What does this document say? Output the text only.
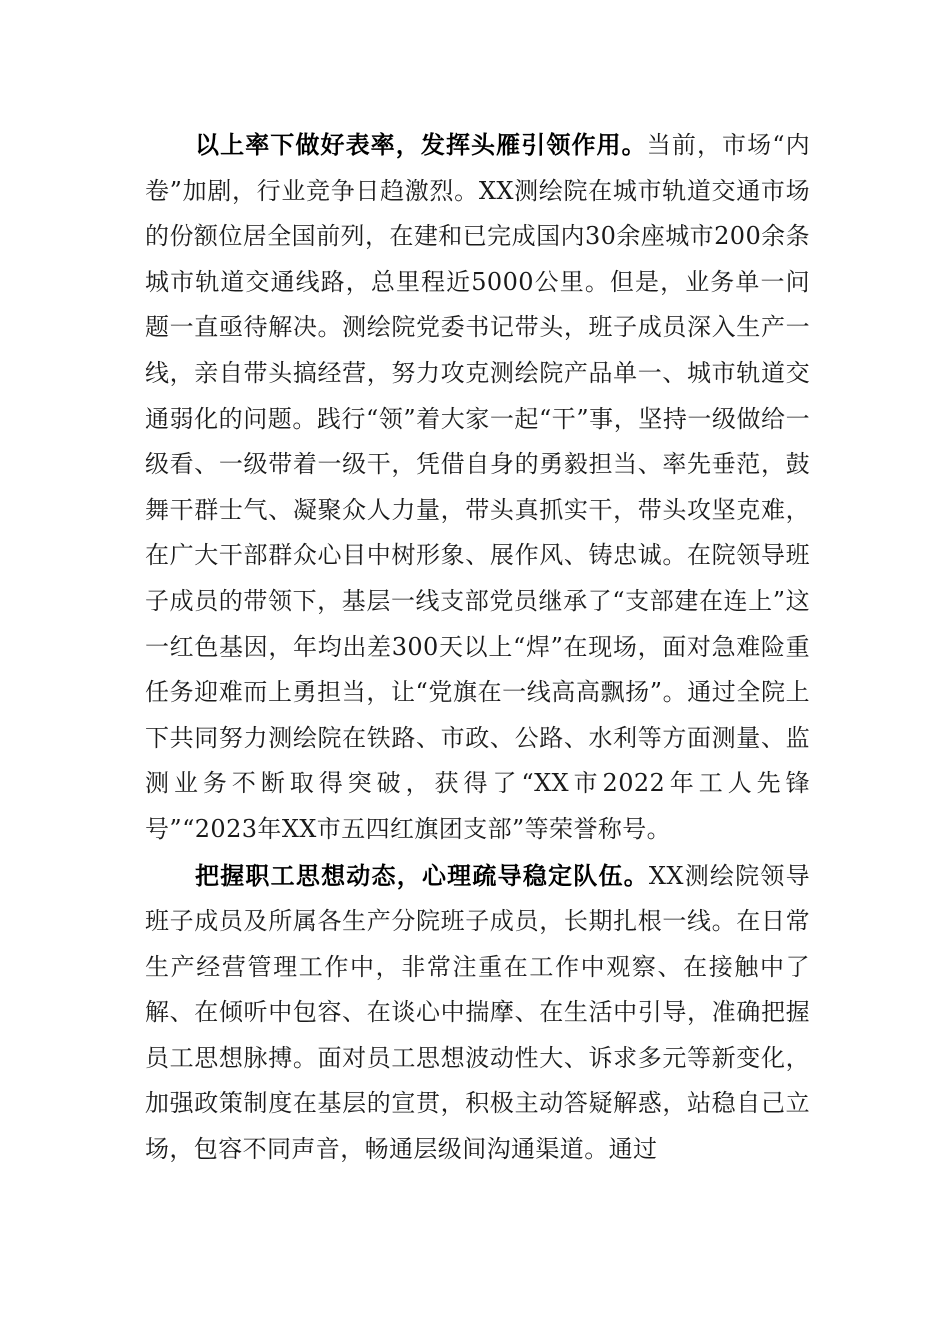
以上率下做好表率，发挥头雁引领作用。当前，市场“内卷”加剧，行业竞争日趋激烈。XX测绘院在城市轨道交通市场的份额位居全国前列，在建和已完成国内30余座城市200余条城市轨道交通线路，总里程近5000公里。但是，业务单一问题一直亟待解决。测绘院党委书记带头，班子成员深入生产一线，亲自带头搞经营，努力攻克测绘院产品单一、城市轨道交通弱化的问题。践行“领”着大家一起“干”事，坚持一级做给一级看、一级带着一级干，凭借自身的勇毅担当、率先垂范，鼓舞干群士气、凝聚众人力量，带头真抓实干，带头攻坚克难，在广大干部群众心目中树形象、展作风、铸忠诚。在院领导班子成员的带领下，基层一线支部党员继承了“支部建在连上”这一红色基因，年均出差300天以上“焊”在现场，面对急难险重任务迎难而上勇担当，让“党旗在一线高高飘扬”。通过全院上下共同努力测绘院在铁路、市政、公路、水利等方面测量、监测业务不断取得突破，获得了“XX市2022年工人先锋号”“2023年XX市五四红旗团支部”等荣誉称号。

把握职工思想动态，心理疏导稳定队伍。XX测绘院领导班子成员及所属各生产分院班子成员，长期扎根一线。在日常生产经营管理工作中，非常注重在工作中观察、在接触中了解、在倾听中包容、在谈心中揣摩、在生活中引导，准确把握员工思想脉搏。面对员工思想波动性大、诉求多元等新变化，加强政策制度在基层的宣贯，积极主动答疑解惑，站稳自己立场，包容不同声音，畅通层级间沟通渠道。通过
